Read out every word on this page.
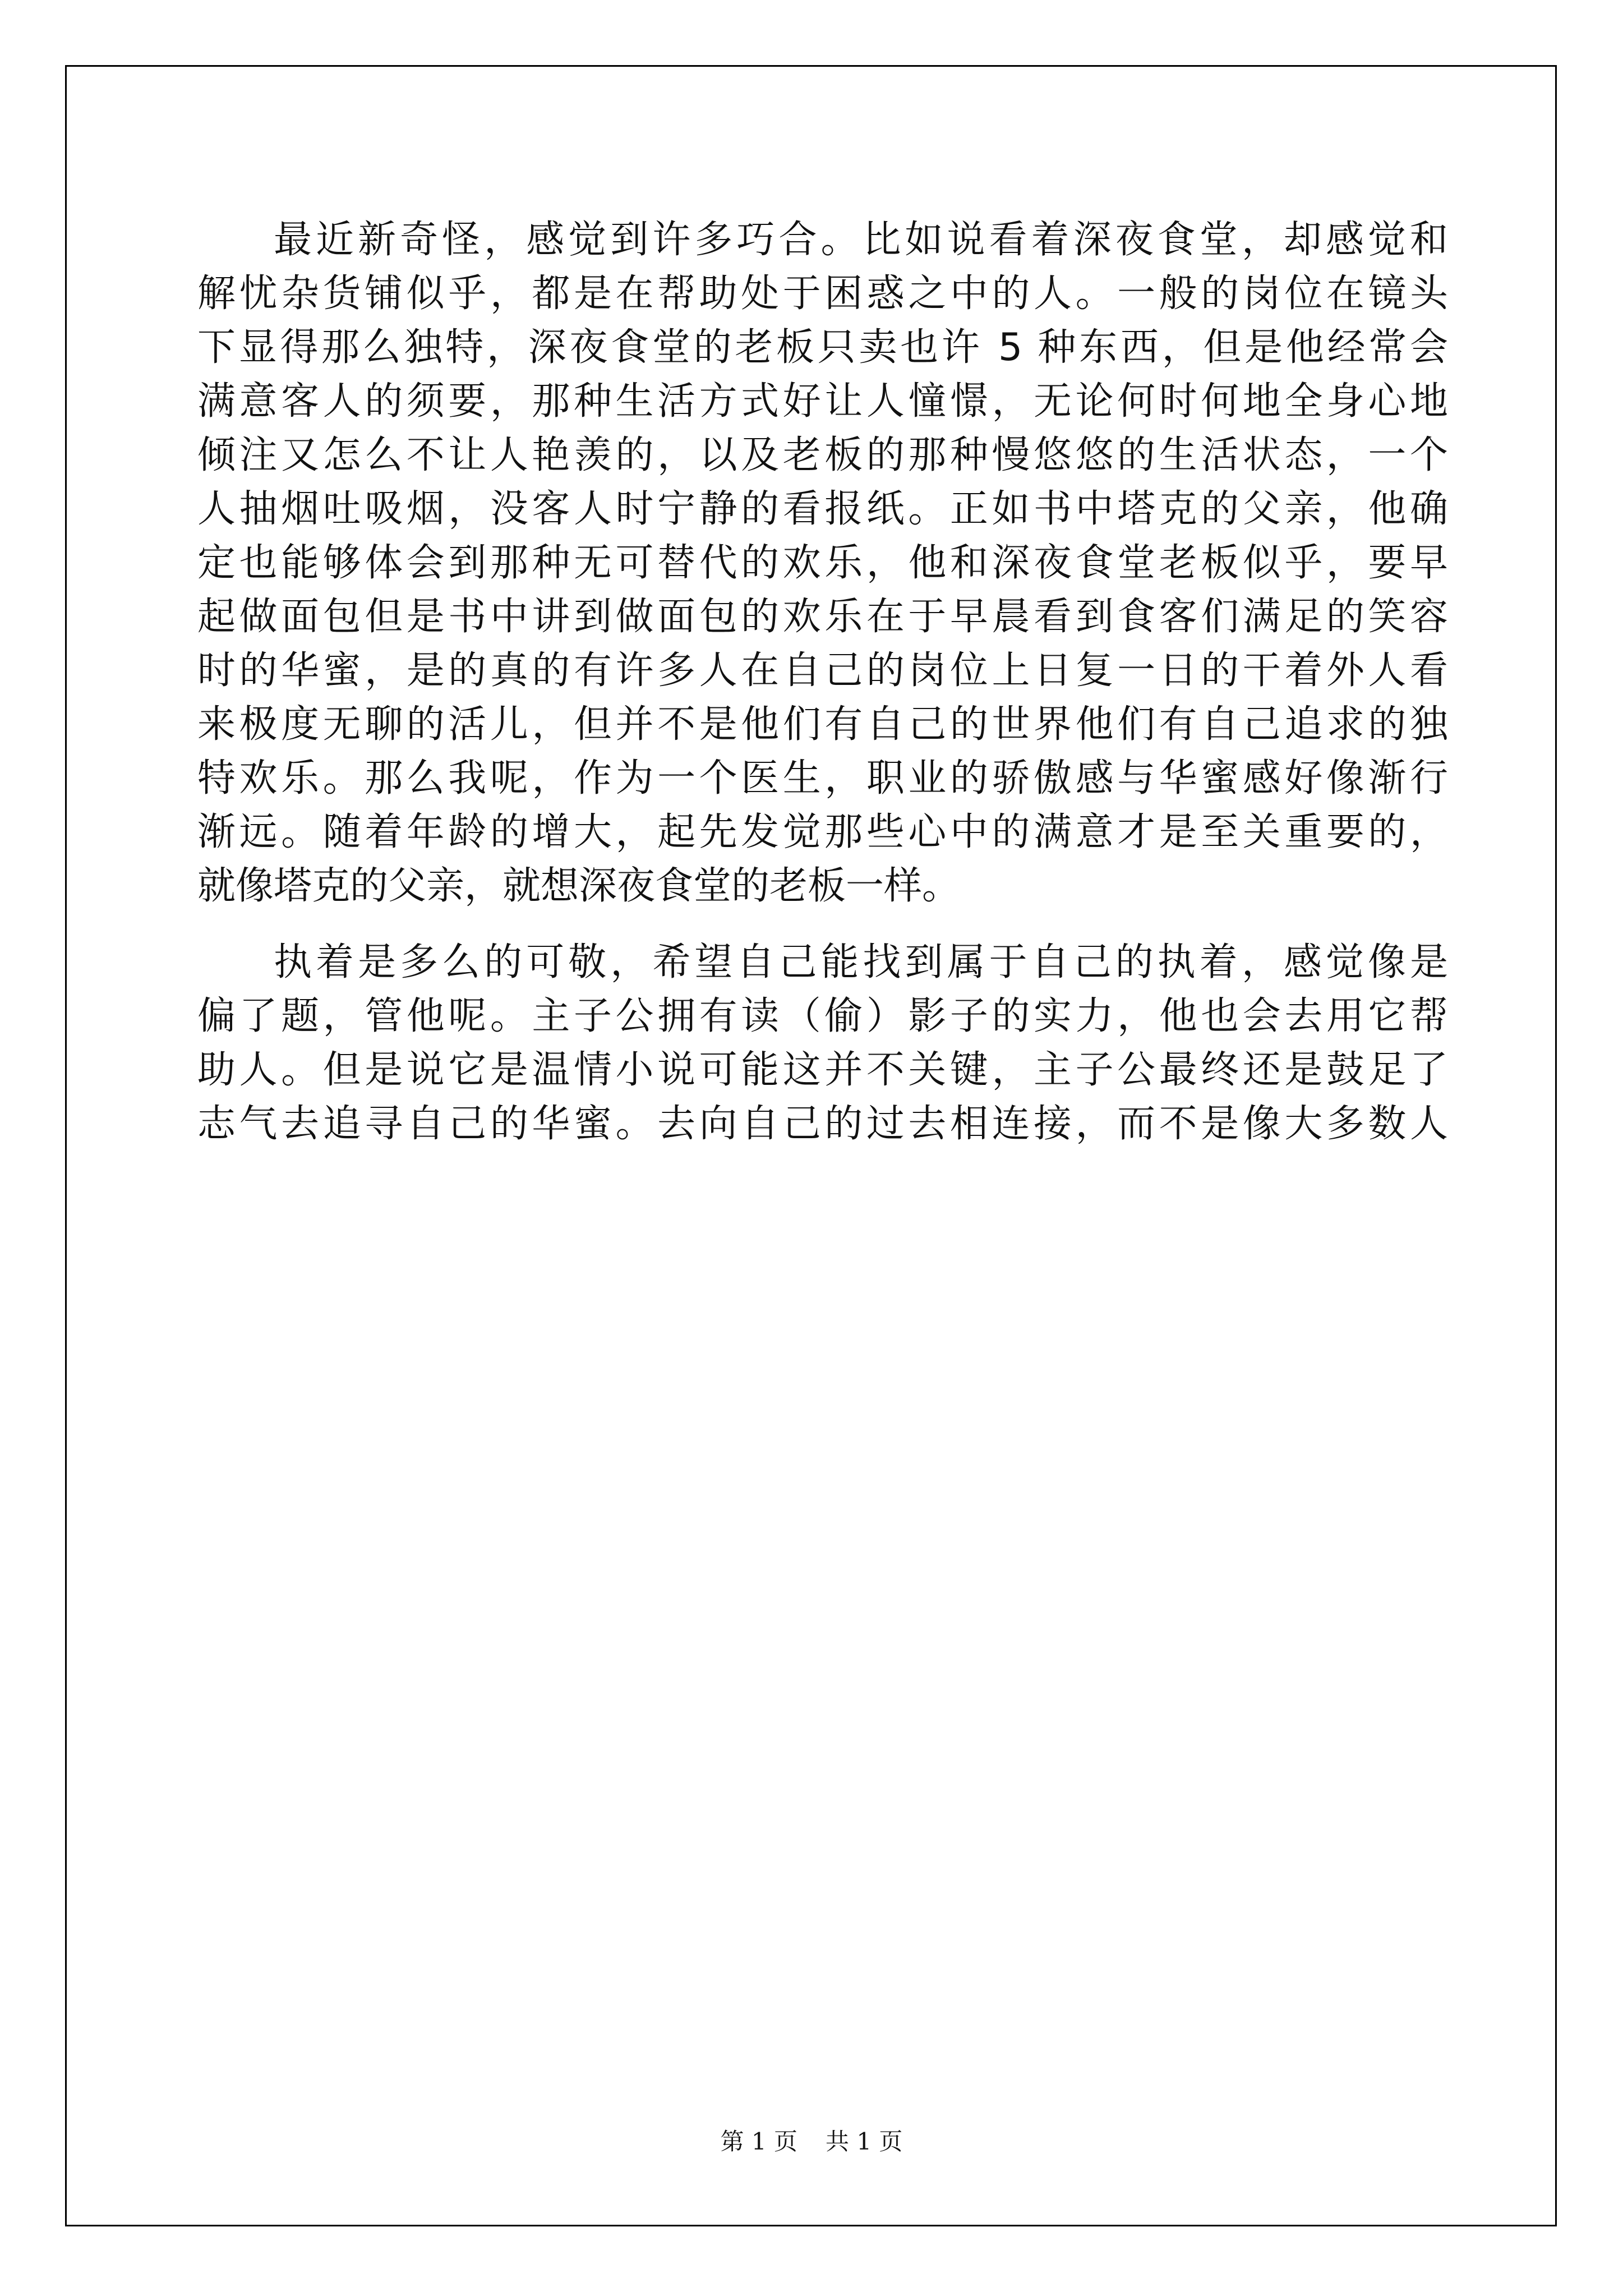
最近新奇怪，感觉到许多巧合。比如说看着深夜食堂，却感觉和
解忧杂货铺似乎，都是在帮助处于困惑之中的人。一般的岗位在镜头
下显得那么独特，深夜食堂的老板只卖也许 5 种东西，但是他经常会
满意客人的须要，那种生活方式好让人憧憬，无论何时何地全身心地
倾注又怎么不让人艳羡的，以及老板的那种慢悠悠的生活状态，一个
人抽烟吐吸烟，没客人时宁静的看报纸。正如书中塔克的父亲，他确
定也能够体会到那种无可替代的欢乐，他和深夜食堂老板似乎，要早
起做面包但是书中讲到做面包的欢乐在于早晨看到食客们满足的笑容
时的华蜜，是的真的有许多人在自己的岗位上日复一日的干着外人看
来极度无聊的活儿，但并不是他们有自己的世界他们有自己追求的独
特欢乐。那么我呢，作为一个医生，职业的骄傲感与华蜜感好像渐行
渐远。随着年龄的增大，起先发觉那些心中的满意才是至关重要的，
就像塔克的父亲，就想深夜食堂的老板一样。
执着是多么的可敬，希望自己能找到属于自己的执着，感觉像是
偏了题，管他呢。主子公拥有读（偷）影子的实力，他也会去用它帮
助人。但是说它是温情小说可能这并不关键，主子公最终还是鼓足了
志气去追寻自己的华蜜。去向自己的过去相连接，而不是像大多数人
第 1 页 共 1 页
